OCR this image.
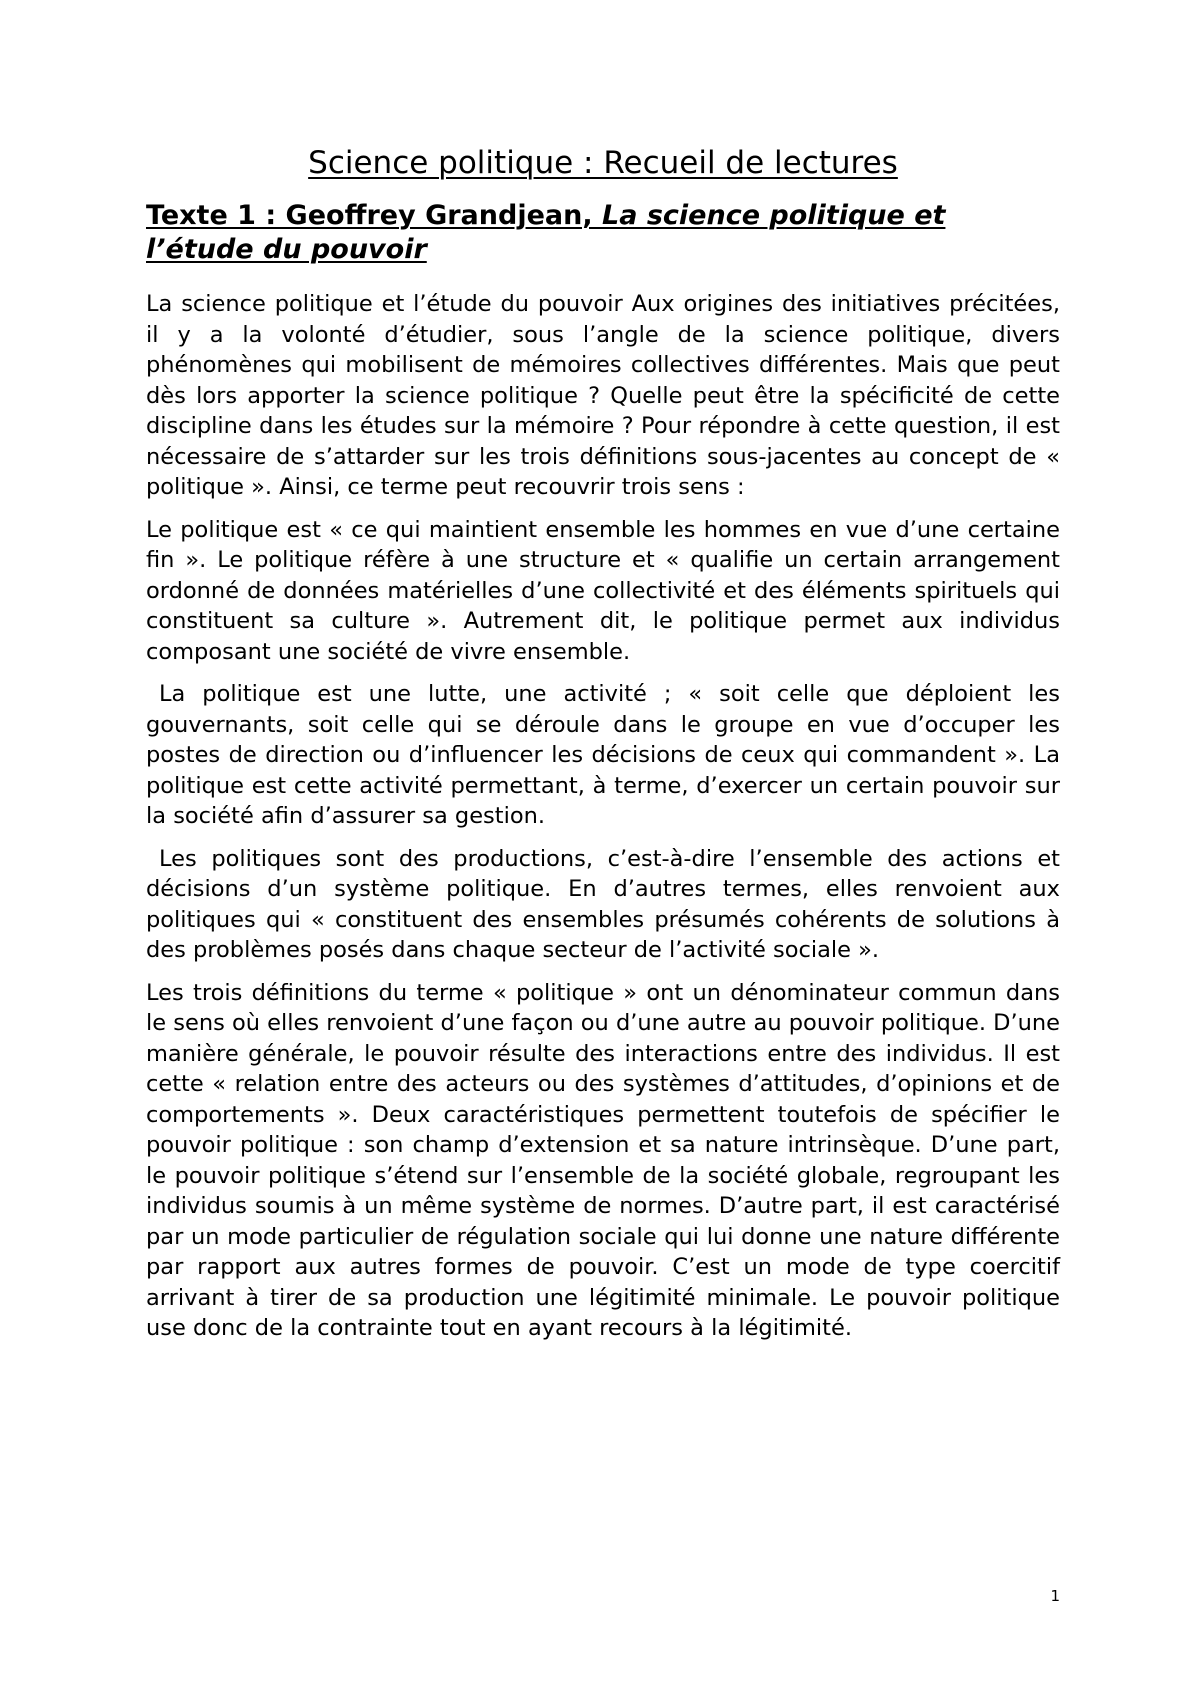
Science politique : Recueil de lectures
Texte 1 : Geoffrey Grandjean, La science politique et l’étude du pouvoir

La science politique et l’étude du pouvoir Aux origines des initiatives précitées, il y a la volonté d’étudier, sous l’angle de la science politique, divers phénomènes qui mobilisent de mémoires collectives différentes. Mais que peut dès lors apporter la science politique ? Quelle peut être la spécificité de cette discipline dans les études sur la mémoire ? Pour répondre à cette question, il est nécessaire de s’attarder sur les trois définitions sous-jacentes au concept de « politique ». Ainsi, ce terme peut recouvrir trois sens :

Le politique est « ce qui maintient ensemble les hommes en vue d’une certaine fin ». Le politique réfère à une structure et « qualifie un certain arrangement ordonné de données matérielles d’une collectivité et des éléments spirituels qui constituent sa culture ». Autrement dit, le politique permet aux individus composant une société de vivre ensemble.

La politique est une lutte, une activité ; « soit celle que déploient les gouvernants, soit celle qui se déroule dans le groupe en vue d’occuper les postes de direction ou d’influencer les décisions de ceux qui commandent ». La politique est cette activité permettant, à terme, d’exercer un certain pouvoir sur la société afin d’assurer sa gestion.

Les politiques sont des productions, c’est-à-dire l’ensemble des actions et décisions d’un système politique. En d’autres termes, elles renvoient aux politiques qui « constituent des ensembles présumés cohérents de solutions à des problèmes posés dans chaque secteur de l’activité sociale ».

Les trois définitions du terme « politique » ont un dénominateur commun dans le sens où elles renvoient d’une façon ou d’une autre au pouvoir politique. D’une manière générale, le pouvoir résulte des interactions entre des individus. Il est cette « relation entre des acteurs ou des systèmes d’attitudes, d’opinions et de comportements ». Deux caractéristiques permettent toutefois de spécifier le pouvoir politique : son champ d’extension et sa nature intrinsèque. D’une part, le pouvoir politique s’étend sur l’ensemble de la société globale, regroupant les individus soumis à un même système de normes. D’autre part, il est caractérisé par un mode particulier de régulation sociale qui lui donne une nature différente par rapport aux autres formes de pouvoir. C’est un mode de type coercitif arrivant à tirer de sa production une légitimité minimale. Le pouvoir politique use donc de la contrainte tout en ayant recours à la légitimité.

1
